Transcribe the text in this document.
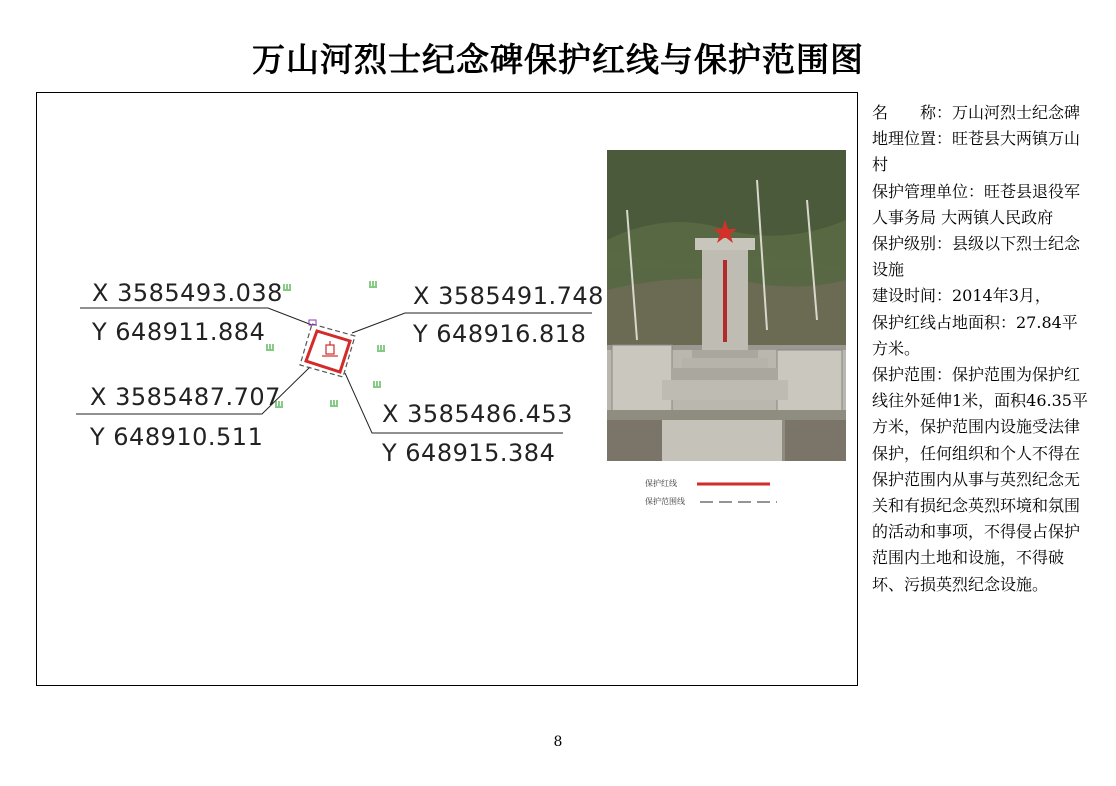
万山河烈士纪念碑保护红线与保护范围图
X 3585493.038
Y 648911.884
X 3585491.748
Y 648916.818
X 3585487.707
Y 648910.511
X 3585486.453
Y 648915.384
保护红线
保护范围线

名　　称：万山河烈士纪念碑

地理位置：旺苍县大两镇万山村

保护管理单位：旺苍县退役军人事务局 大两镇人民政府

保护级别：县级以下烈士纪念设施

建设时间：2014年3月，

保护红线占地面积：27.84平方米。

保护范围：保护范围为保护红线往外延伸1米，面积46.35平方米，保护范围内设施受法律保护，任何组织和个人不得在保护范围内从事与英烈纪念无关和有损纪念英烈环境和氛围的活动和事项，不得侵占保护范围内土地和设施，不得破坏、污损英烈纪念设施。

8
